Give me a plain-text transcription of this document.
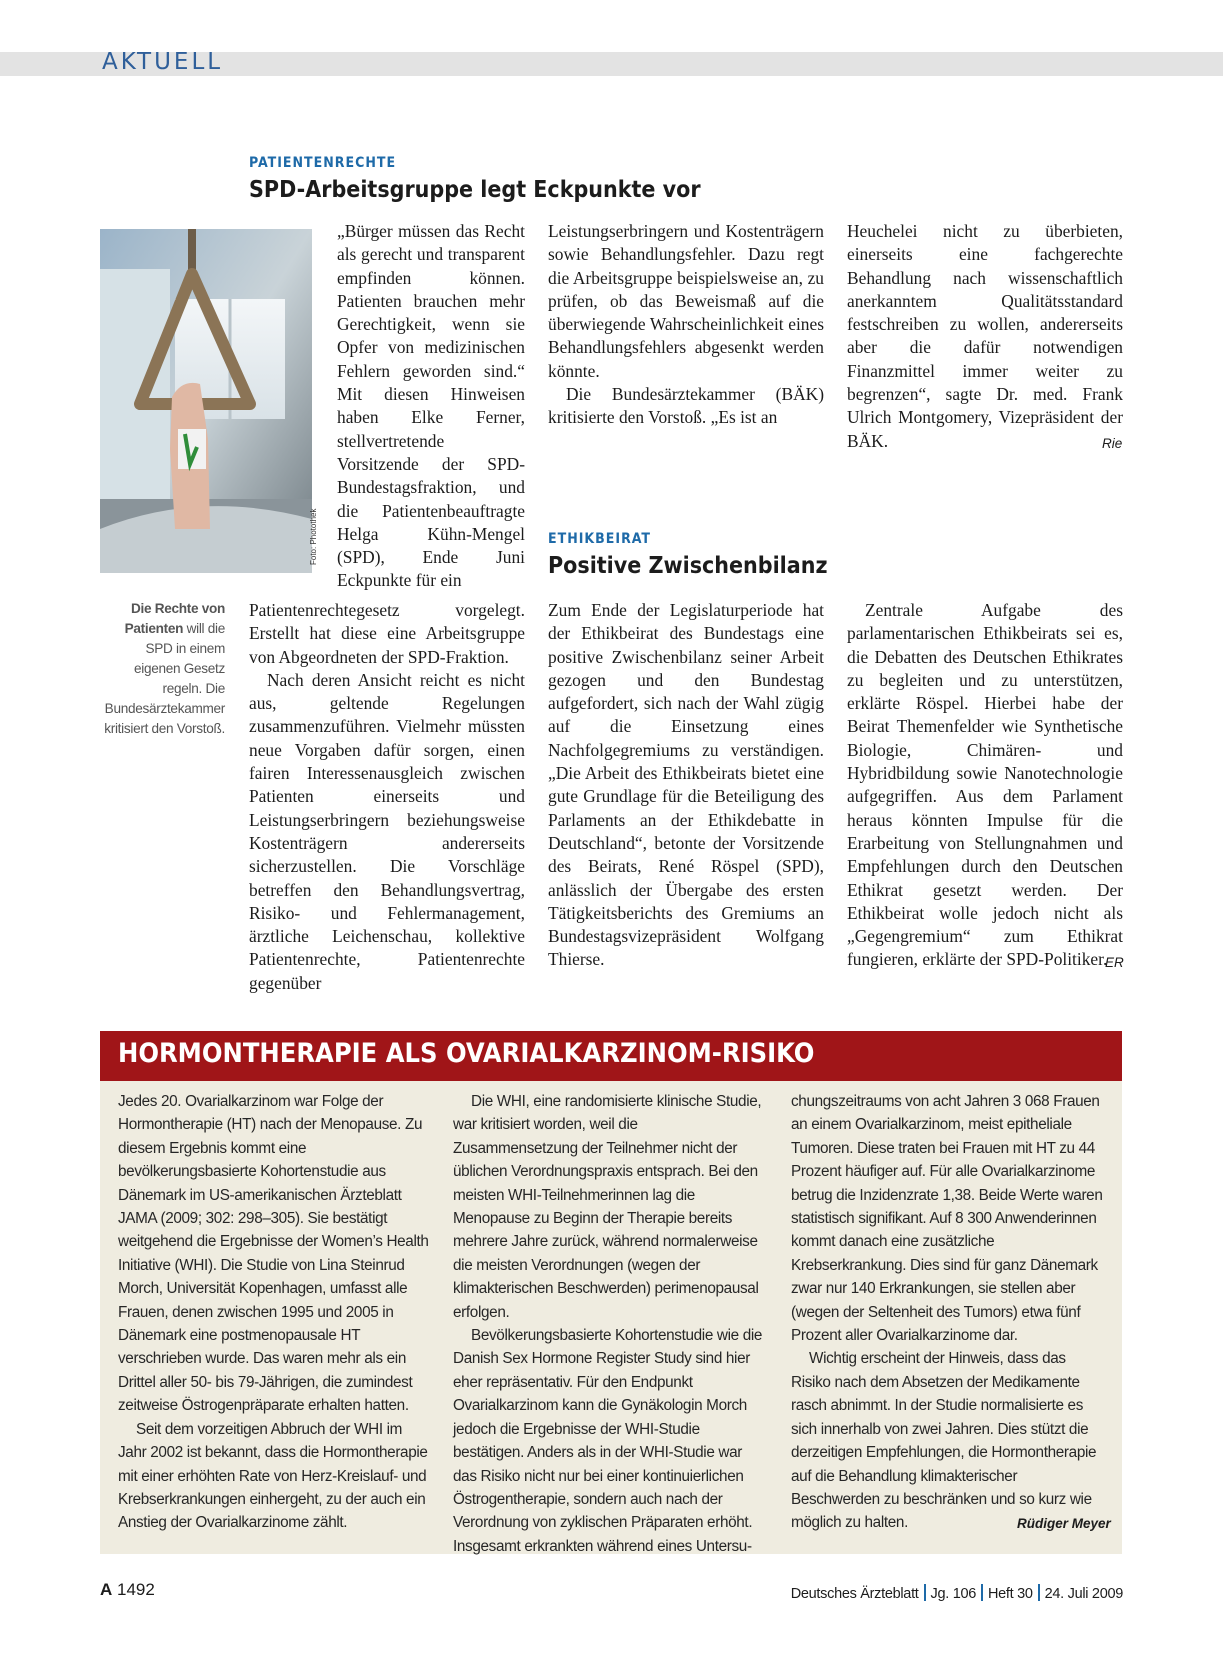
AKTUELL
PATIENTENRECHTE
SPD-Arbeitsgruppe legt Eckpunkte vor
Foto: Photothek
Die Rechte von Patienten will die SPD in einem eigenen Gesetz regeln. Die Bundesärztekammer kritisiert den Vorstoß.

„Bürger müssen das Recht als gerecht und transparent empfinden können. Patienten brauchen mehr Gerechtigkeit, wenn sie Opfer von medizinischen Fehlern geworden sind.“ Mit diesen Hinweisen haben Elke Ferner, stellvertretende Vorsitzende der SPD-Bundestagsfraktion, und die Patientenbeauftragte Helga Kühn-Mengel (SPD), Ende Juni Eckpunkte für ein

Patientenrechtegesetz vorgelegt. Erstellt hat diese eine Arbeitsgruppe von Abgeordneten der SPD-Fraktion.

Nach deren Ansicht reicht es nicht aus, geltende Regelungen zusammenzuführen. Vielmehr müssten neue Vorgaben dafür sorgen, einen fairen Interessenausgleich zwischen Patienten einerseits und Leistungserbringern beziehungsweise Kostenträgern andererseits sicherzustellen. Die Vorschläge betreffen den Behandlungsvertrag, Risiko- und Fehlermanagement, ärztliche Leichenschau, kollektive Patientenrechte, Patientenrechte gegenüber

Leistungserbringern und Kostenträgern sowie Behandlungsfehler. Dazu regt die Arbeitsgruppe beispielsweise an, zu prüfen, ob das Beweismaß auf die überwiegende Wahrscheinlichkeit eines Behandlungsfehlers abgesenkt werden könnte.

Die Bundesärztekammer (BÄK) kritisierte den Vorstoß. „Es ist an

Heuchelei nicht zu überbieten, einerseits eine fachgerechte Behandlung nach wissenschaftlich anerkanntem Qualitätsstandard festschreiben zu wollen, andererseits aber die dafür notwendigen Finanzmittel immer weiter zu begrenzen“, sagte Dr. med. Frank Ulrich Montgomery, Vizepräsident der BÄK.	Rie
ETHIKBEIRAT
Positive Zwischenbilanz

Zum Ende der Legislaturperiode hat der Ethikbeirat des Bundestags eine positive Zwischenbilanz seiner Arbeit gezogen und den Bundestag aufgefordert, sich nach der Wahl zügig auf die Einsetzung eines Nachfolgegremiums zu verständigen. „Die Arbeit des Ethikbeirats bietet eine gute Grundlage für die Beteiligung des Parlaments an der Ethikdebatte in Deutschland“, betonte der Vorsitzende des Beirats, René Röspel (SPD), anlässlich der Übergabe des ersten Tätigkeitsberichts des Gremiums an Bundestagsvizepräsident Wolfgang Thierse.

Zentrale Aufgabe des parlamentarischen Ethikbeirats sei es, die Debatten des Deutschen Ethikrates zu begleiten und zu unterstützen, erklärte Röspel. Hierbei habe der Beirat Themenfelder wie Synthetische Biologie, Chimären- und Hybridbildung sowie Nanotechnologie aufgegriffen. Aus dem Parlament heraus könnten Impulse für die Erarbeitung von Stellungnahmen und Empfehlungen durch den Deutschen Ethikrat gesetzt werden. Der Ethikbeirat wolle jedoch nicht als „Gegengremium“ zum Ethikrat fungieren, erklärte der SPD-Politiker.

ER
HORMONTHERAPIE ALS OVARIALKARZINOM-RISIKO

Jedes 20. Ovarialkarzinom war Folge der Hormontherapie (HT) nach der Menopause. Zu diesem Ergebnis kommt eine bevölkerungsbasierte Kohortenstudie aus Dänemark im US-amerikanischen Ärzteblatt JAMA (2009; 302: 298–305). Sie bestätigt weitgehend die Ergebnisse der Women’s Health Initiative (WHI). Die Studie von Lina Steinrud Morch, Universität Kopenhagen, umfasst alle Frauen, denen zwischen 1995 und 2005 in Dänemark eine postmenopausale HT verschrieben wurde. Das waren mehr als ein Drittel aller 50- bis 79-Jährigen, die zumindest zeitweise Östrogenpräparate erhalten hatten.

Seit dem vorzeitigen Abbruch der WHI im Jahr 2002 ist bekannt, dass die Hormontherapie mit einer erhöhten Rate von Herz-Kreislauf- und Krebserkrankungen einhergeht, zu der auch ein Anstieg der Ovarialkarzinome zählt.

Die WHI, eine randomisierte klinische Studie, war kritisiert worden, weil die Zusammensetzung der Teilnehmer nicht der üblichen Verordnungspraxis entsprach. Bei den meisten WHI-Teilnehmerinnen lag die Menopause zu Beginn der Therapie bereits mehrere Jahre zurück, während normalerweise die meisten Verordnungen (wegen der klimakterischen Beschwerden) perimenopausal erfolgen.

Bevölkerungsbasierte Kohortenstudie wie die Danish Sex Hormone Register Study sind hier eher repräsentativ. Für den Endpunkt Ovarialkarzinom kann die Gynäkologin Morch jedoch die Ergebnisse der WHI-Studie bestätigen. Anders als in der WHI-Studie war das Risiko nicht nur bei einer kontinuierlichen Östrogentherapie, sondern auch nach der Verordnung von zyklischen Präparaten erhöht. Insgesamt erkrankten während eines Untersu-

chungszeitraums von acht Jahren 3 068 Frauen an einem Ovarialkarzinom, meist epitheliale Tumoren. Diese traten bei Frauen mit HT zu 44 Prozent häufiger auf. Für alle Ovarialkarzinome betrug die Inzidenzrate 1,38. Beide Werte waren statistisch signifikant. Auf 8 300 Anwenderinnen kommt danach eine zusätzliche Krebserkrankung. Dies sind für ganz Dänemark zwar nur 140 Erkrankungen, sie stellen aber (wegen der Seltenheit des Tumors) etwa fünf Prozent aller Ovarialkarzinome dar.

Wichtig erscheint der Hinweis, dass das Risiko nach dem Absetzen der Medikamente rasch abnimmt. In der Studie normalisierte es sich innerhalb von zwei Jahren. Dies stützt die derzeitigen Empfehlungen, die Hormontherapie auf die Behandlung klimakterischer Beschwerden zu beschränken und so kurz wie möglich zu halten.	Rüdiger Meyer
A 1492	Deutsches Ärzteblatt Jg. 106 Heft 30 24. Juli 2009
